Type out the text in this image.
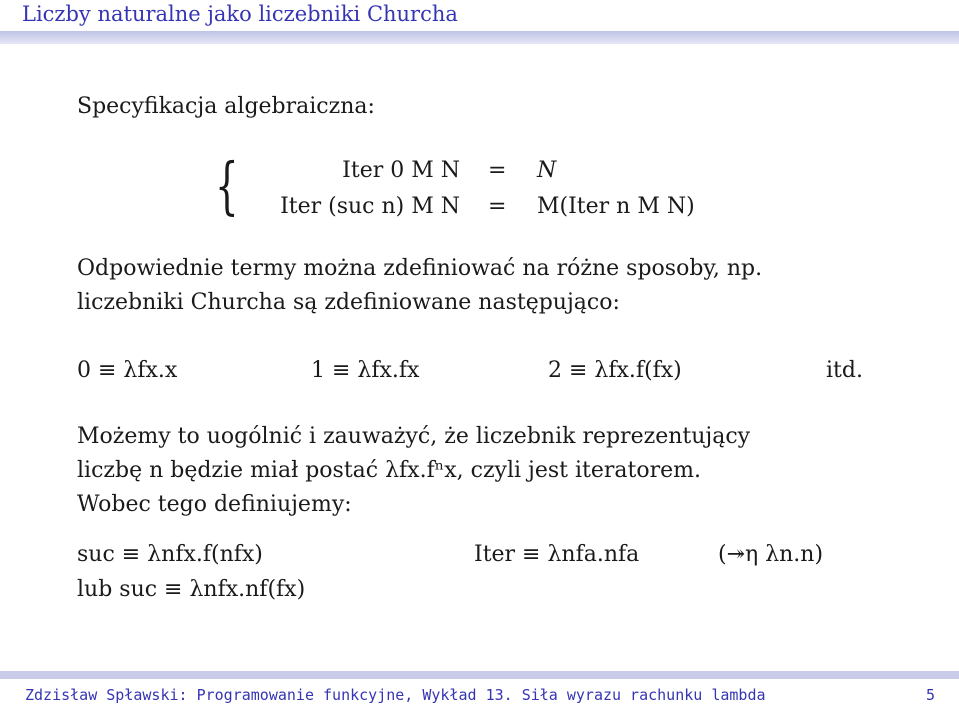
Liczby naturalne jako liczebniki Churcha
Specyfikacja algebraiczna:
{	Iter 0 M N = N
Iter (suc n) M N = M(Iter n M N)
Odpowiednie termy można zdefiniować na różne sposoby, np.
liczebniki Churcha są zdefiniowane następująco:
0 ≡ λfx.x	1 ≡ λfx.fx	2 ≡ λfx.f(fx)	itd.
Możemy to uogólnić i zauważyć, że liczebnik reprezentujący
liczbę n będzie miał postać λfx.fⁿx, czyli jest iteratorem.
Wobec tego definiujemy:
suc ≡ λnfx.f(nfx)	Iter ≡ λnfa.nfa	(↠η λn.n)
lub suc ≡ λnfx.nf(fx)
Zdzisław Spławski: Programowanie funkcyjne, Wykład 13. Siła wyrazu rachunku lambda	5
